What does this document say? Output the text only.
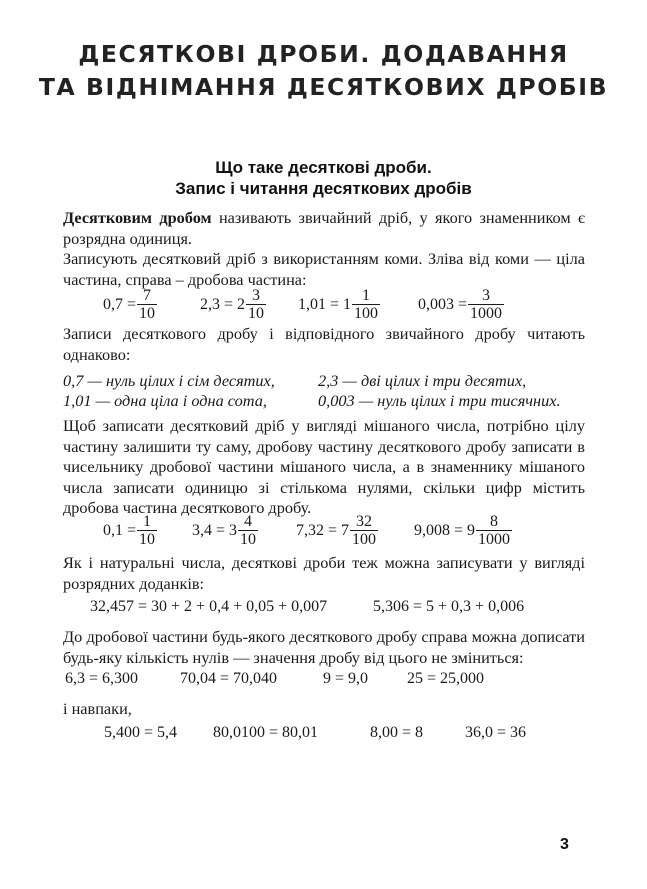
ДЕСЯТКОВІ ДРОБИ. ДОДАВАННЯ
ТА ВІДНІМАННЯ ДЕСЯТКОВИХ ДРОБІВ
Що таке десяткові дроби.
Запис і читання десяткових дробів
Десятковим дробом називають звичайний дріб, у якого знаменником є розрядна одиниця.
Записують десятковий дріб з використанням коми. Зліва від коми — ціла частина, справа – дробова частина:
$0,7 = \frac{7}{10}$	$2,3 = 2 \frac{3}{10} 1,01 = 1 \frac{1}{100} 0,003 = \frac{3}{1000}$
Записи десяткового дробу і відповідного звичайного дробу читають однаково:
0,7 — нуль цілих і сім десятих,	2,3 — дві цілих і три десятих,
1,01 — одна ціла і одна сота,	0,003 — нуль цілих і три тисячних.
Щоб записати десятковий дріб у вигляді мішаного числа, потрібно цілу частину залишити ту саму, дробову частину десяткового дробу записати в чисельнику дробової частини мішаного числа, а в знаменнику мішаного числа записати одиницю зі стількома нулями, скільки цифр містить дробова частина десяткового дробу.
$0,1 = \frac{1}{10} 3,4 = 3 \frac{4}{10} 7,32 = 7 \frac{32}{100} 9,008 = 9 \frac{8}{1000}$
Як і натуральні числа, десяткові дроби теж можна записувати у вигляді розрядних доданків:
32,457 = 30 + 2 + 0,4 + 0,05 + 0,007	5,306 = 5 + 0,3 + 0,006
До дробової частини будь-якого десяткового дробу справа можна дописати будь-яку кількість нулів — значення дробу від цього не зміниться:
6,3 = 6,300	70,04 = 70,040	9 = 9,0 25 = 25,000
і навпаки,
5,400 = 5,4 80,0100 = 80,01	8,00 = 8	36,0 = 36
3
